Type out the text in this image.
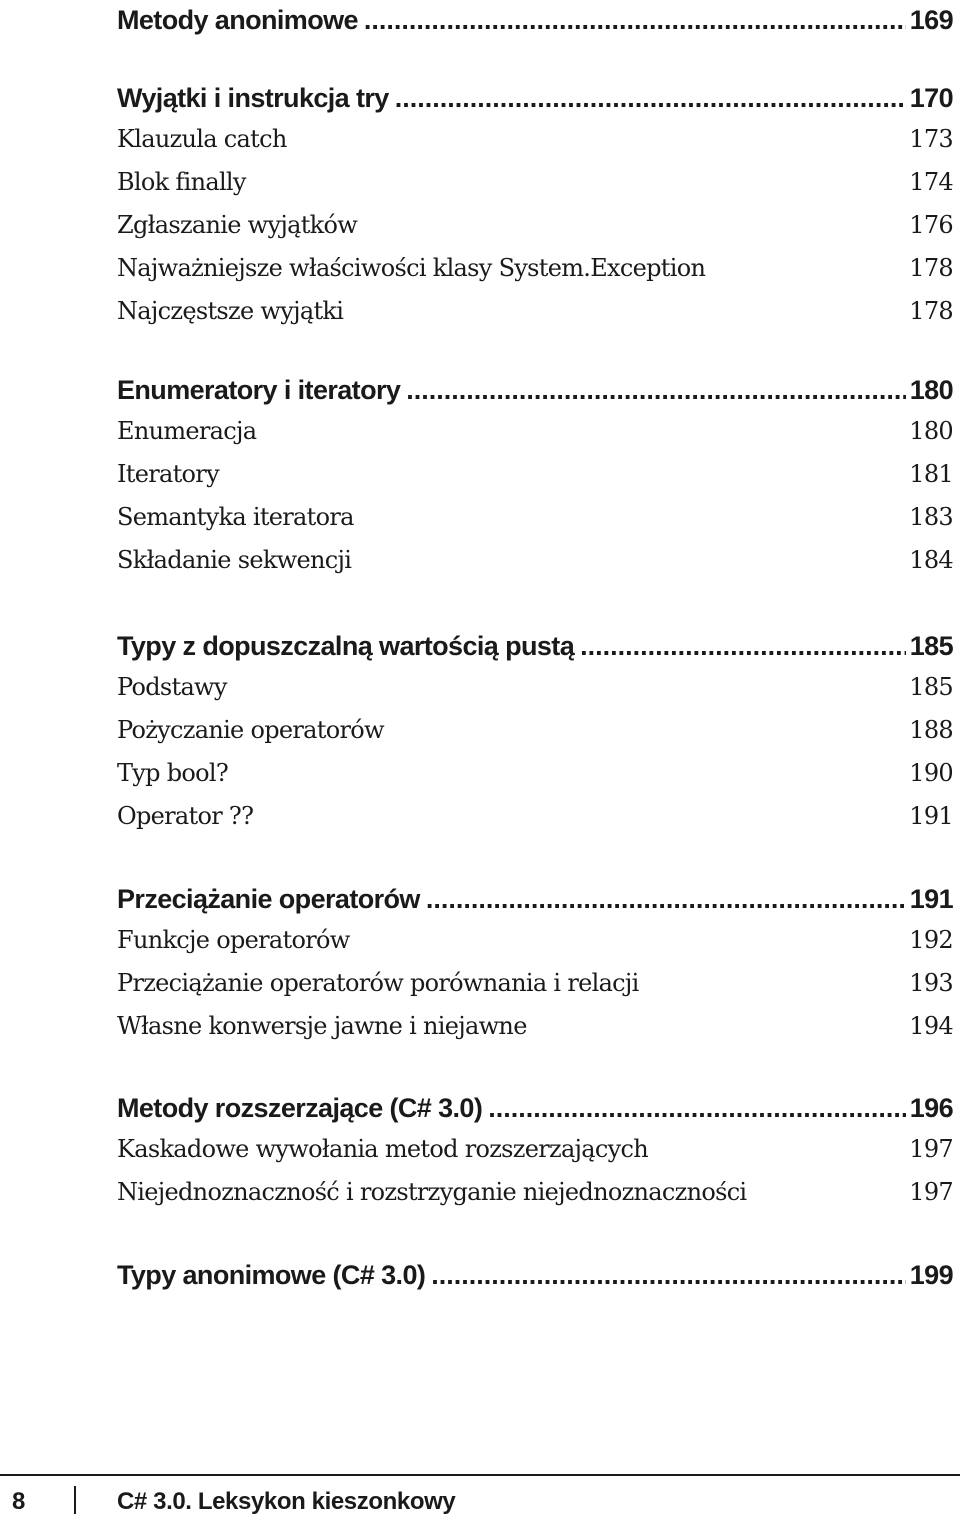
Metody anonimowe .....	169
Wyjątki i instrukcja try .....	170
Klauzula catch	173
Blok finally	174
Zgłaszanie wyjątków	176
Najważniejsze właściwości klasy System.Exception	178
Najczęstsze wyjątki	178
Enumeratory i iteratory .....	180
Enumeracja	180
Iteratory	181
Semantyka iteratora	183
Składanie sekwencji	184
Typy z dopuszczalną wartością pustą .....	185
Podstawy	185
Pożyczanie operatorów	188
Typ bool?	190
Operator ??	191
Przeciążanie operatorów .....	191
Funkcje operatorów	192
Przeciążanie operatorów porównania i relacji	193
Własne konwersje jawne i niejawne	194
Metody rozszerzające (C# 3.0) .....	196
Kaskadowe wywołania metod rozszerzających	197
Niejednoznaczność i rozstrzyganie niejednoznaczności	197
Typy anonimowe (C# 3.0) .....	199
8	C# 3.0. Leksykon kieszonkowy
